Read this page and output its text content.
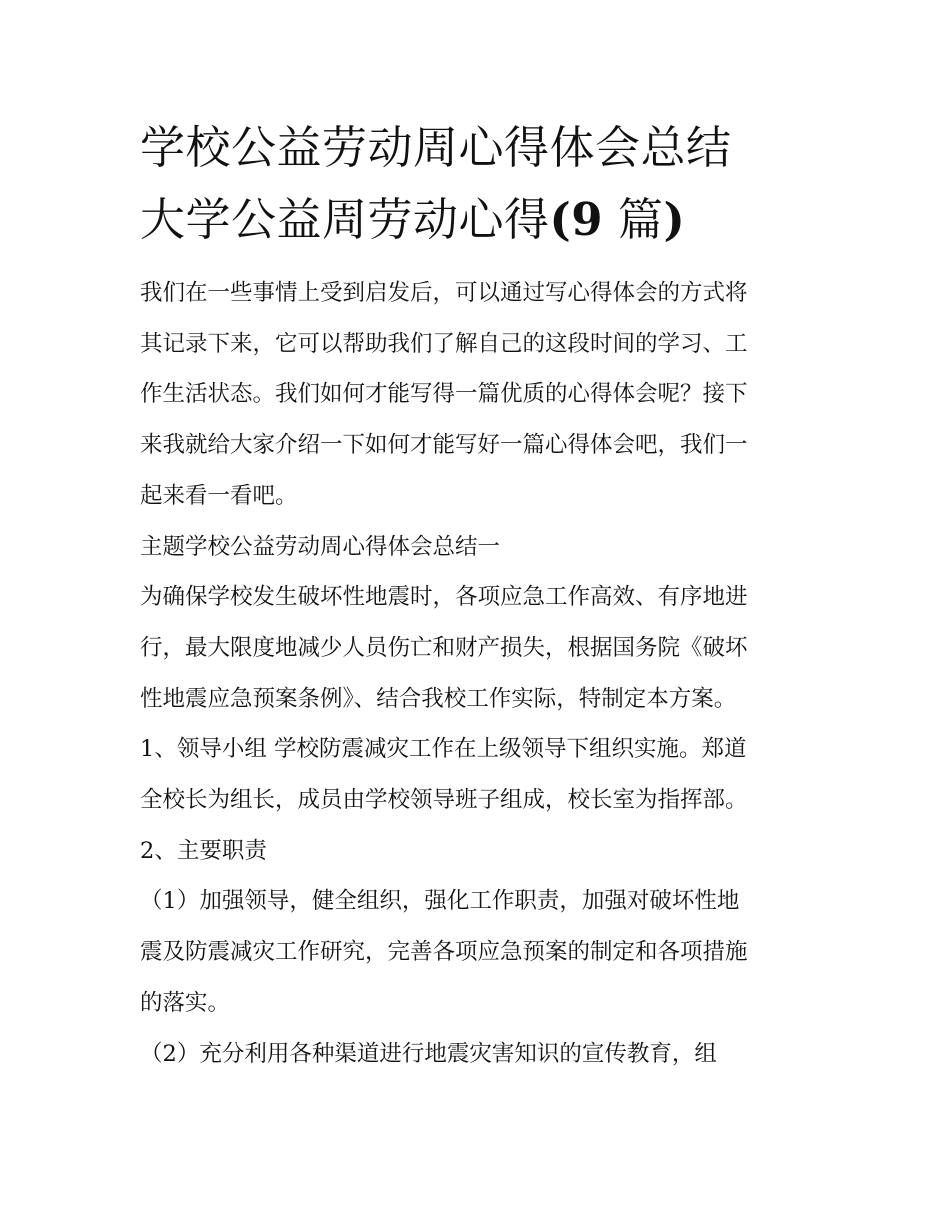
学校公益劳动周心得体会总结
大学公益周劳动心得(9 篇)

我们在一些事情上受到启发后，可以通过写心得体会的方式将
其记录下来，它可以帮助我们了解自己的这段时间的学习、工
作生活状态。我们如何才能写得一篇优质的心得体会呢？接下
来我就给大家介绍一下如何才能写好一篇心得体会吧，我们一
起来看一看吧。

主题学校公益劳动周心得体会总结一

为确保学校发生破坏性地震时，各项应急工作高效、有序地进
行，最大限度地减少人员伤亡和财产损失，根据国务院《破坏
性地震应急预案条例》、结合我校工作实际，特制定本方案。

1、领导小组 学校防震减灾工作在上级领导下组织实施。郑道
全校长为组长，成员由学校领导班子组成，校长室为指挥部。

2、主要职责

（1）加强领导，健全组织，强化工作职责，加强对破坏性地
震及防震减灾工作研究，完善各项应急预案的制定和各项措施
的落实。

（2）充分利用各种渠道进行地震灾害知识的宣传教育，组
